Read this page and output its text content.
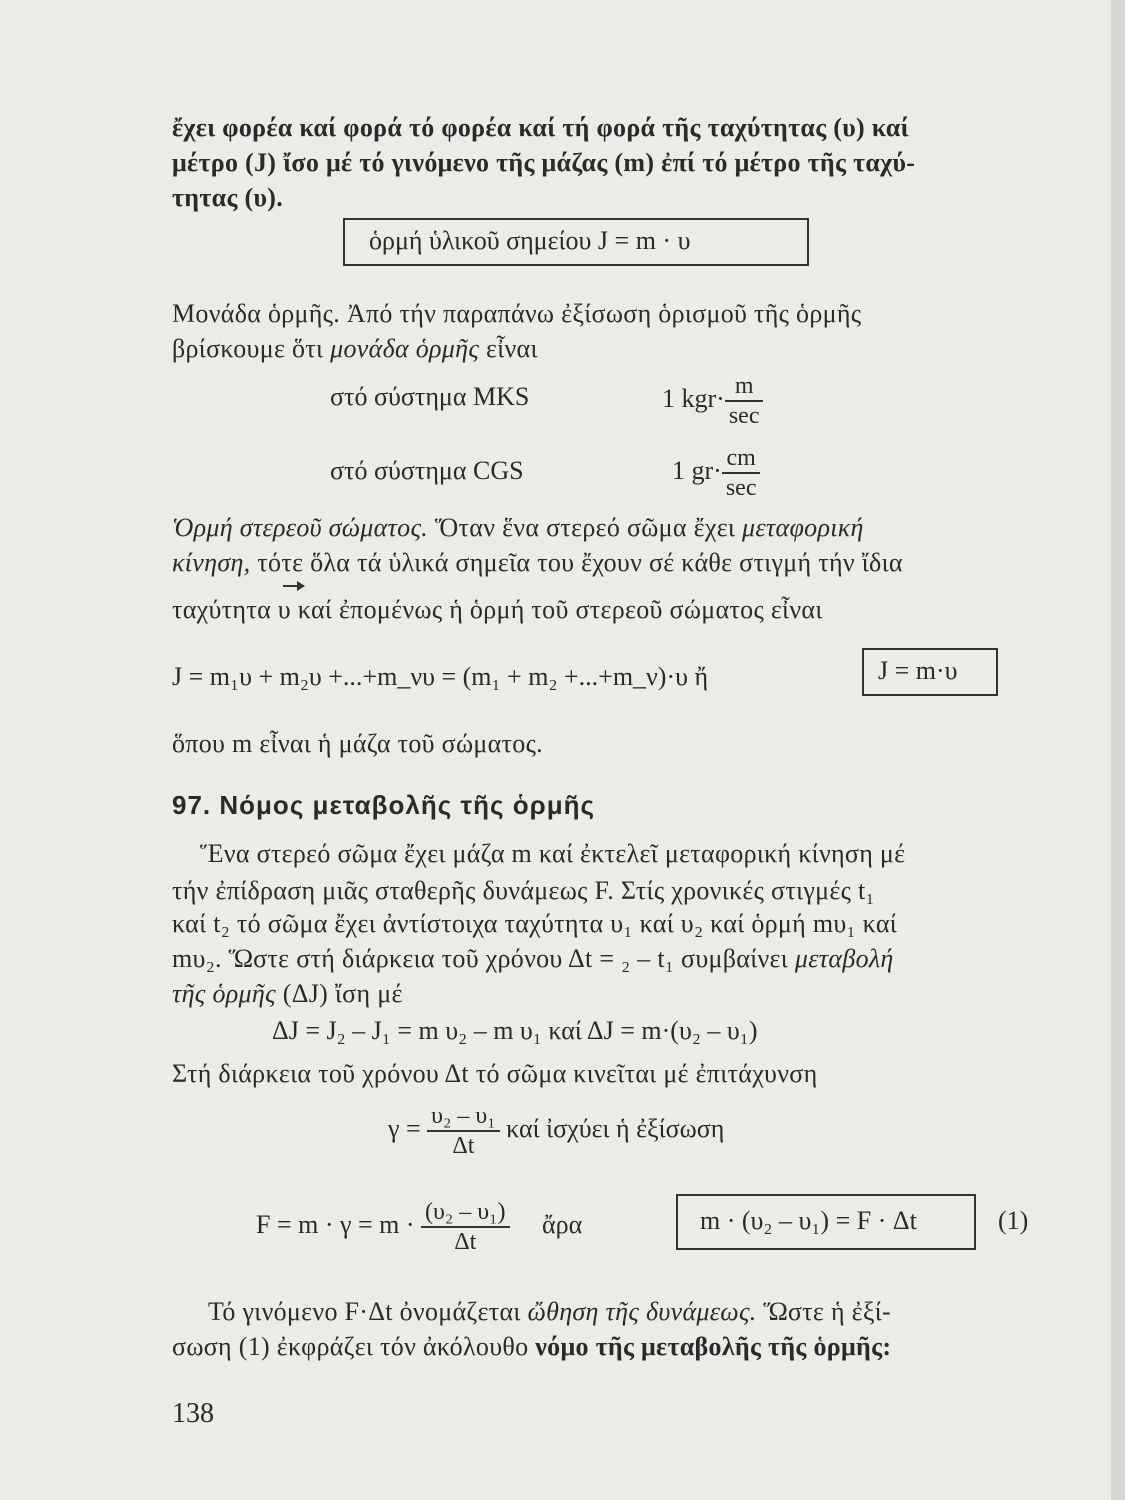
ἔχει φορέα καί φορά τό φορέα καί τή φορά τῆς ταχύτητας (υ) καί
μέτρο (J) ἴσο μέ τό γινόμενο τῆς μάζας (m) ἐπί τό μέτρο τῆς ταχύ-
τητας (υ).
ὁρμή ὑλικοῦ σημείου J = m · υ
Μονάδα ὁρμῆς. Ἀπό τήν παραπάνω ἐξίσωση ὁρισμοῦ τῆς ὁρμῆς
βρίσκουμε ὅτι μονάδα ὁρμῆς εἶναι
στό σύστημα MKS	1 $kgr\cdot \frac{m}{\sec}$
στό σύστημα CGS	1 $gr\cdot \frac{cm}{\sec}$
Ὁρμή στερεοῦ σώματος. Ὅταν ἕνα στερεό σῶμα ἔχει μεταφορική
κίνηση, τότε ὅλα τά ὑλικά σημεῖα του ἔχουν σέ κάθε στιγμή τήν ἴδια
ταχύτητα υ καί ἐπομένως ἡ ὁρμή τοῦ στερεοῦ σώματος εἶναι
J = m₁υ + m₂υ +...+m_νυ = (m₁ + m₂ +...+m_ν)·υ ἤ	J = m·υ
ὅπου m εἶναι ἡ μάζα τοῦ σώματος.
97. Νόμος μεταβολῆς τῆς ὁρμῆς
Ἕνα στερεό σῶμα ἔχει μάζα m καί ἐκτελεῖ μεταφορική κίνηση μέ
τήν ἐπίδραση μιᾶς σταθερῆς δυνάμεως F. Στίς χρονικές στιγμές t₁
καί t₂ τό σῶμα ἔχει ἀντίστοιχα ταχύτητα υ₁ καί υ₂ καί ὁρμή mυ₁ καί
mυ₂. Ὥστε στή διάρκεια τοῦ χρόνου Δt = ₂ – t₁ συμβαίνει μεταβολή
τῆς ὁρμῆς (ΔJ) ἴση μέ
ΔJ = J₂ – J₁ = m υ₂ – m υ₁ καί ΔJ = m·(υ₂ – υ₁)
Στή διάρκεια τοῦ χρόνου Δt τό σῶμα κινεῖται μέ ἐπιτάχυνση
$\gamma = \frac{\text{υ₂ – υ₁}}{\Delta t}$ καί ἰσχύει ἡ ἐξίσωση
$F = m \cdot \gamma = m \cdot \frac{\text{(υ₂ – υ₁)}}{\Delta t}$ ἄρα	m · (υ₂ – υ₁) = F · Δt	(1)
Τό γινόμενο F·Δt ὀνομάζεται ὤθηση τῆς δυνάμεως. Ὥστε ἡ ἐξί-
σωση (1) ἐκφράζει τόν ἀκόλουθο νόμο τῆς μεταβολῆς τῆς ὁρμῆς:
138
